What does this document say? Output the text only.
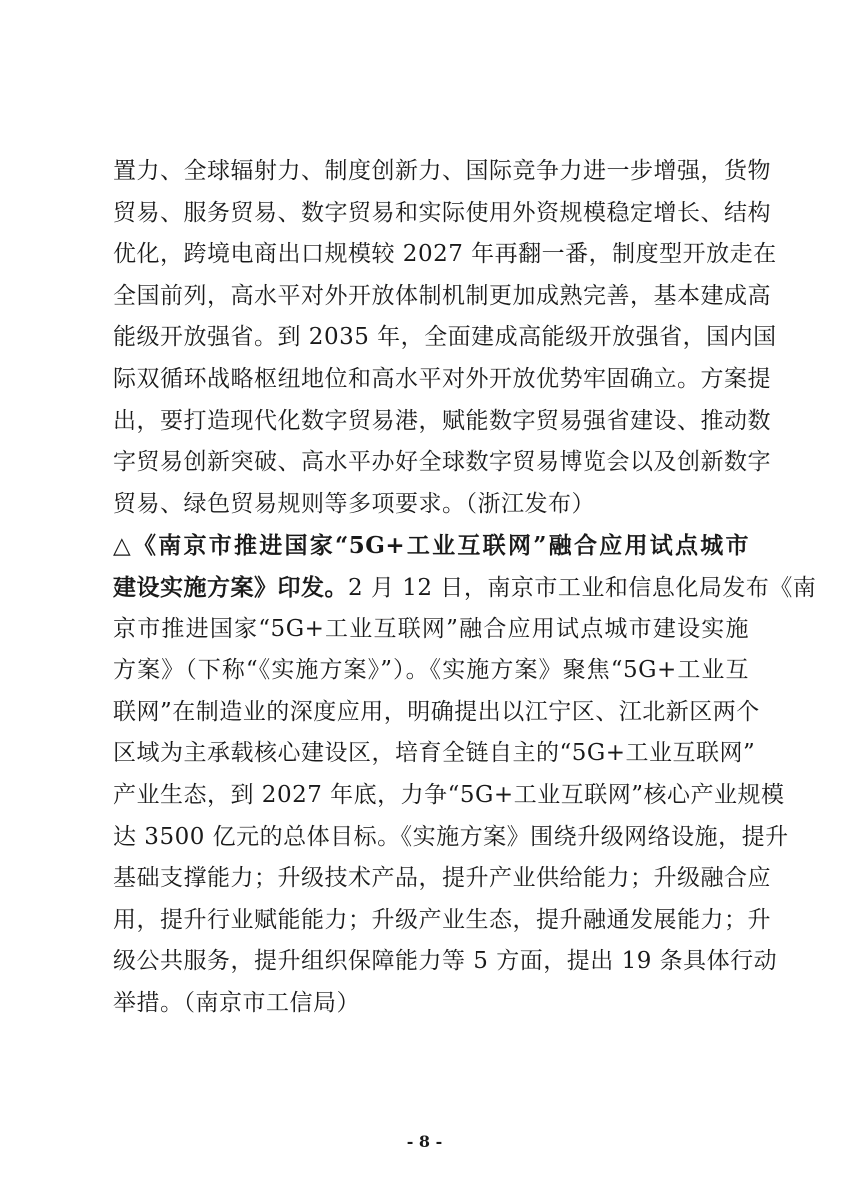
置力、全球辐射力、制度创新力、国际竞争力进一步增强，货物
贸易、服务贸易、数字贸易和实际使用外资规模稳定增长、结构
优化，跨境电商出口规模较 2027 年再翻一番，制度型开放走在
全国前列，高水平对外开放体制机制更加成熟完善，基本建成高
能级开放强省。到 2035 年，全面建成高能级开放强省，国内国
际双循环战略枢纽地位和高水平对外开放优势牢固确立。方案提
出，要打造现代化数字贸易港，赋能数字贸易强省建设、推动数
字贸易创新突破、高水平办好全球数字贸易博览会以及创新数字
贸易、绿色贸易规则等多项要求。（浙江发布）
△《南京市推进国家“5G+工业互联网”融合应用试点城市
建设实施方案》印发。2 月 12 日，南京市工业和信息化局发布《南
京市推进国家“5G+工业互联网”融合应用试点城市建设实施
方案》（下称“《实施方案》”）。《实施方案》聚焦“5G+工业互
联网”在制造业的深度应用，明确提出以江宁区、江北新区两个
区域为主承载核心建设区，培育全链自主的“5G+工业互联网”
产业生态，到 2027 年底，力争“5G+工业互联网”核心产业规模
达 3500 亿元的总体目标。《实施方案》围绕升级网络设施，提升
基础支撑能力；升级技术产品，提升产业供给能力；升级融合应
用，提升行业赋能能力；升级产业生态，提升融通发展能力；升
级公共服务，提升组织保障能力等 5 方面，提出 19 条具体行动
举措。（南京市工信局）
- 8 -
